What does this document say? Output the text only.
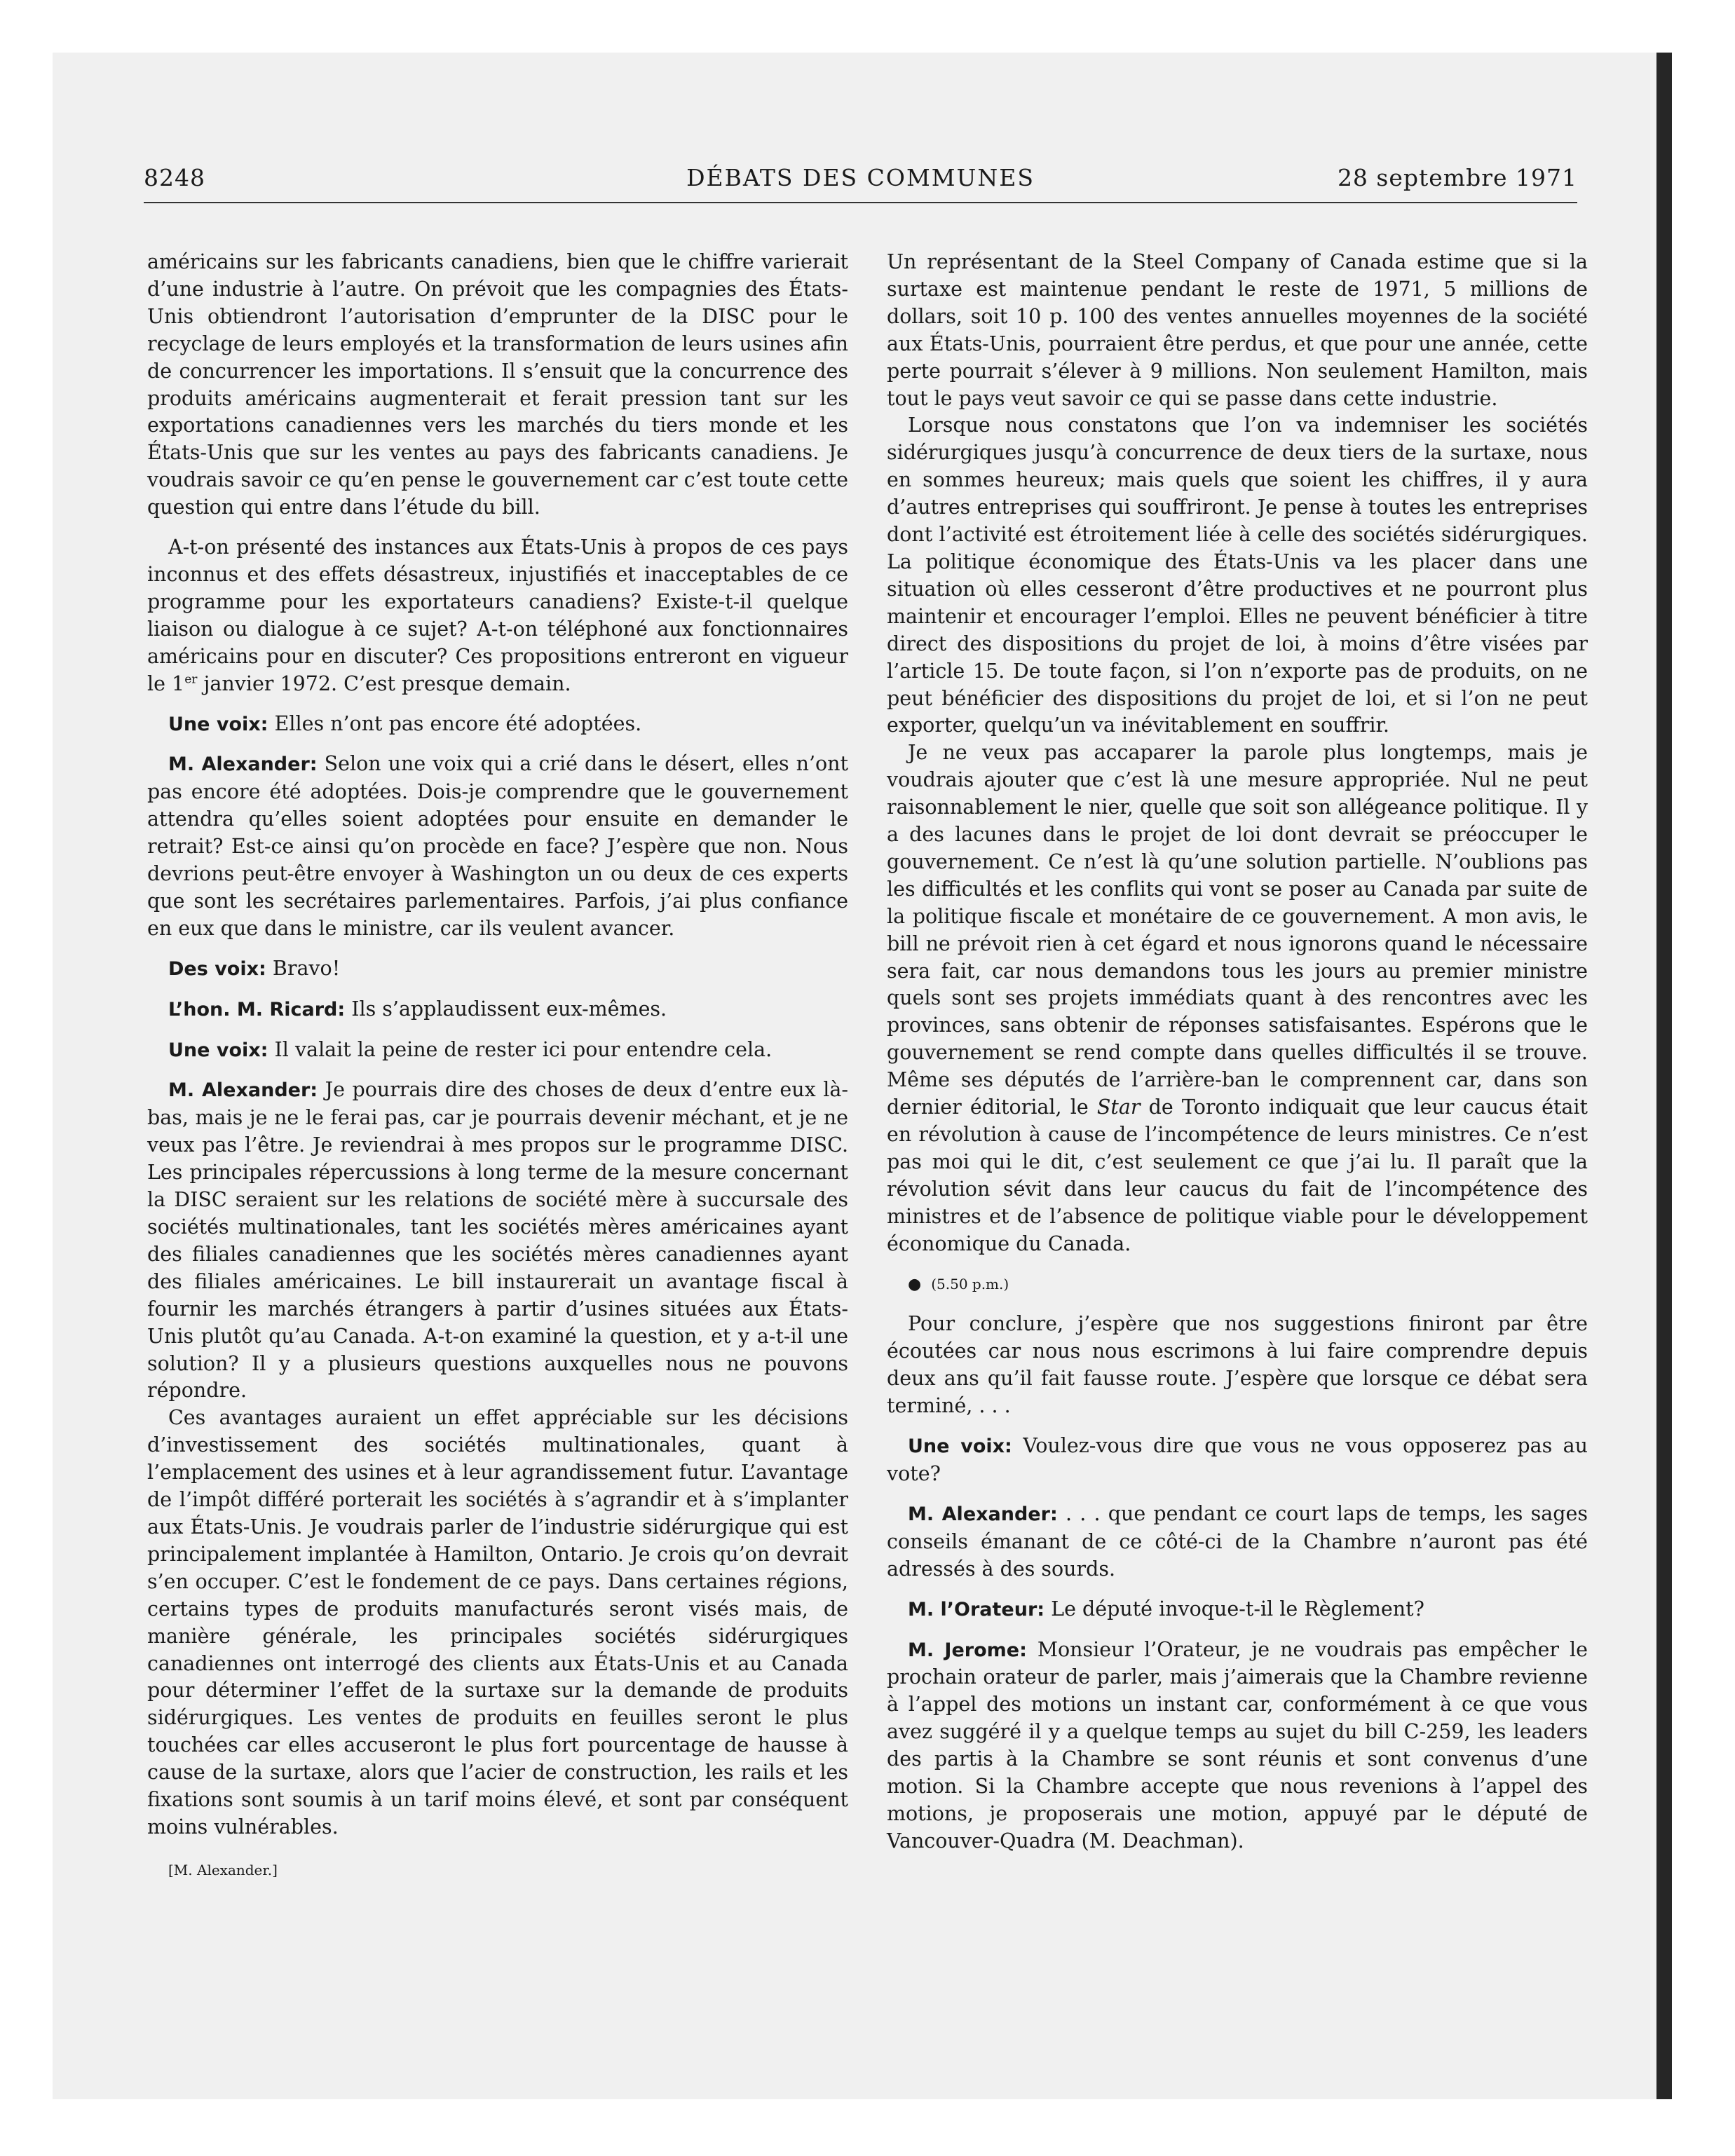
8248	DÉBATS DES COMMUNES	28 septembre 1971

américains sur les fabricants canadiens, bien que le chiffre varierait d’une industrie à l’autre. On prévoit que les compagnies des États-Unis obtiendront l’autorisation d’emprunter de la DISC pour le recyclage de leurs employés et la transformation de leurs usines afin de concurrencer les importations. Il s’ensuit que la concurrence des produits américains augmenterait et ferait pression tant sur les exportations canadiennes vers les marchés du tiers monde et les États-Unis que sur les ventes au pays des fabricants canadiens. Je voudrais savoir ce qu’en pense le gouvernement car c’est toute cette question qui entre dans l’étude du bill.

A-t-on présenté des instances aux États-Unis à propos de ces pays inconnus et des effets désastreux, injustifiés et inacceptables de ce programme pour les exportateurs canadiens? Existe-t-il quelque liaison ou dialogue à ce sujet? A-t-on téléphoné aux fonctionnaires américains pour en discuter? Ces propositions entreront en vigueur le 1er janvier 1972. C’est presque demain.

Une voix: Elles n’ont pas encore été adoptées.

M. Alexander: Selon une voix qui a crié dans le désert, elles n’ont pas encore été adoptées. Dois-je comprendre que le gouvernement attendra qu’elles soient adoptées pour ensuite en demander le retrait? Est-ce ainsi qu’on procède en face? J’espère que non. Nous devrions peut-être envoyer à Washington un ou deux de ces experts que sont les secrétaires parlementaires. Parfois, j’ai plus confiance en eux que dans le ministre, car ils veulent avancer.

Des voix: Bravo!

L’hon. M. Ricard: Ils s’applaudissent eux-mêmes.

Une voix: Il valait la peine de rester ici pour entendre cela.

M. Alexander: Je pourrais dire des choses de deux d’entre eux là-bas, mais je ne le ferai pas, car je pourrais devenir méchant, et je ne veux pas l’être. Je reviendrai à mes propos sur le programme DISC. Les principales répercussions à long terme de la mesure concernant la DISC seraient sur les relations de société mère à succursale des sociétés multinationales, tant les sociétés mères américaines ayant des filiales canadiennes que les sociétés mères canadiennes ayant des filiales américaines. Le bill instaurerait un avantage fiscal à fournir les marchés étrangers à partir d’usines situées aux États-Unis plutôt qu’au Canada. A-t-on examiné la question, et y a-t-il une solution? Il y a plusieurs questions auxquelles nous ne pouvons répondre.

Ces avantages auraient un effet appréciable sur les décisions d’investissement des sociétés multinationales, quant à l’emplacement des usines et à leur agrandissement futur. L’avantage de l’impôt différé porterait les sociétés à s’agrandir et à s’implanter aux États-Unis. Je voudrais parler de l’industrie sidérurgique qui est principalement implantée à Hamilton, Ontario. Je crois qu’on devrait s’en occuper. C’est le fondement de ce pays. Dans certaines régions, certains types de produits manufacturés seront visés mais, de manière générale, les principales sociétés sidérurgiques canadiennes ont interrogé des clients aux États-Unis et au Canada pour déterminer l’effet de la surtaxe sur la demande de produits sidérurgiques. Les ventes de produits en feuilles seront le plus touchées car elles accuseront le plus fort pourcentage de hausse à cause de la surtaxe, alors que l’acier de construction, les rails et les fixations sont soumis à un tarif moins élevé, et sont par conséquent moins vulnérables.

[M. Alexander.]

Un représentant de la Steel Company of Canada estime que si la surtaxe est maintenue pendant le reste de 1971, 5 millions de dollars, soit 10 p. 100 des ventes annuelles moyennes de la société aux États-Unis, pourraient être perdus, et que pour une année, cette perte pourrait s’élever à 9 millions. Non seulement Hamilton, mais tout le pays veut savoir ce qui se passe dans cette industrie.

Lorsque nous constatons que l’on va indemniser les sociétés sidérurgiques jusqu’à concurrence de deux tiers de la surtaxe, nous en sommes heureux; mais quels que soient les chiffres, il y aura d’autres entreprises qui souffriront. Je pense à toutes les entreprises dont l’activité est étroitement liée à celle des sociétés sidérurgiques. La politique économique des États-Unis va les placer dans une situation où elles cesseront d’être productives et ne pourront plus maintenir et encourager l’emploi. Elles ne peuvent bénéficier à titre direct des dispositions du projet de loi, à moins d’être visées par l’article 15. De toute façon, si l’on n’exporte pas de produits, on ne peut bénéficier des dispositions du projet de loi, et si l’on ne peut exporter, quelqu’un va inévitablement en souffrir.

Je ne veux pas accaparer la parole plus longtemps, mais je voudrais ajouter que c’est là une mesure appropriée. Nul ne peut raisonnablement le nier, quelle que soit son allégeance politique. Il y a des lacunes dans le projet de loi dont devrait se préoccuper le gouvernement. Ce n’est là qu’une solution partielle. N’oublions pas les difficultés et les conflits qui vont se poser au Canada par suite de la politique fiscale et monétaire de ce gouvernement. A mon avis, le bill ne prévoit rien à cet égard et nous ignorons quand le nécessaire sera fait, car nous demandons tous les jours au premier ministre quels sont ses projets immédiats quant à des rencontres avec les provinces, sans obtenir de réponses satisfaisantes. Espérons que le gouvernement se rend compte dans quelles difficultés il se trouve. Même ses députés de l’arrière-ban le comprennent car, dans son dernier éditorial, le Star de Toronto indiquait que leur caucus était en révolution à cause de l’incompétence de leurs ministres. Ce n’est pas moi qui le dit, c’est seulement ce que j’ai lu. Il paraît que la révolution sévit dans leur caucus du fait de l’incompétence des ministres et de l’absence de politique viable pour le développement économique du Canada.

● (5.50 p.m.)

Pour conclure, j’espère que nos suggestions finiront par être écoutées car nous nous escrimons à lui faire comprendre depuis deux ans qu’il fait fausse route. J’espère que lorsque ce débat sera terminé, . . .

Une voix: Voulez-vous dire que vous ne vous opposerez pas au vote?

M. Alexander: . . . que pendant ce court laps de temps, les sages conseils émanant de ce côté-ci de la Chambre n’auront pas été adressés à des sourds.

M. l’Orateur: Le député invoque-t-il le Règlement?

M. Jerome: Monsieur l’Orateur, je ne voudrais pas empêcher le prochain orateur de parler, mais j’aimerais que la Chambre revienne à l’appel des motions un instant car, conformément à ce que vous avez suggéré il y a quelque temps au sujet du bill C-259, les leaders des partis à la Chambre se sont réunis et sont convenus d’une motion. Si la Chambre accepte que nous revenions à l’appel des motions, je proposerais une motion, appuyé par le député de Vancouver-Quadra (M. Deachman).
